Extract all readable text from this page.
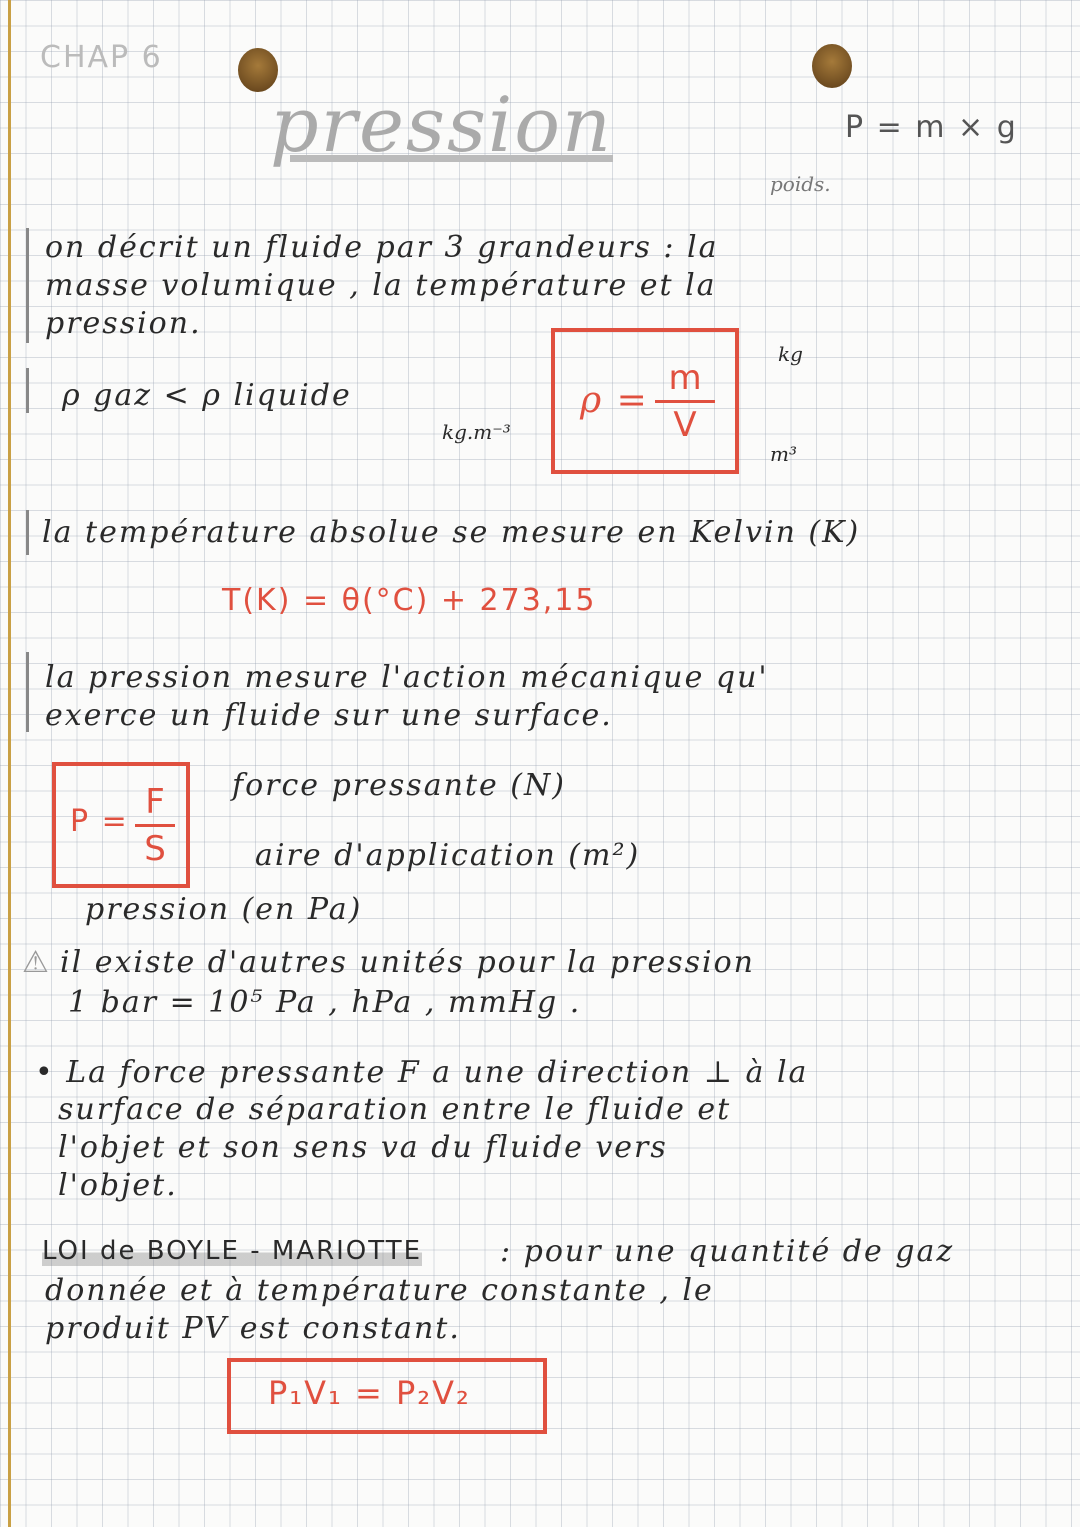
CHAP 6
pression	P = m × g
poids.
on décrit un fluide par 3 grandeurs : la
masse volumique , la température et la
pression.
ρ gaz < ρ liquide	ρ =
m
V
kg.m⁻³
kg
m³
la température absolue se mesure en Kelvin (K)
T(K) = θ(°C) + 273,15
la pression mesure l'action mécanique qu'
exerce un fluide sur une surface.
P = F
S
force pressante (N)
aire d'application (m²)
pression (en Pa)
⚠ il existe d'autres unités pour la pression
1 bar = 10⁵ Pa , hPa , mmHg .
• La force pressante F a une direction ⊥ à la
surface de séparation entre le fluide et
l'objet et son sens va du fluide vers
l'objet.
LOI de BOYLE - MARIOTTE	: pour une quantité de gaz
donnée et à température constante , le
produit PV est constant.
P₁V₁ = P₂V₂
